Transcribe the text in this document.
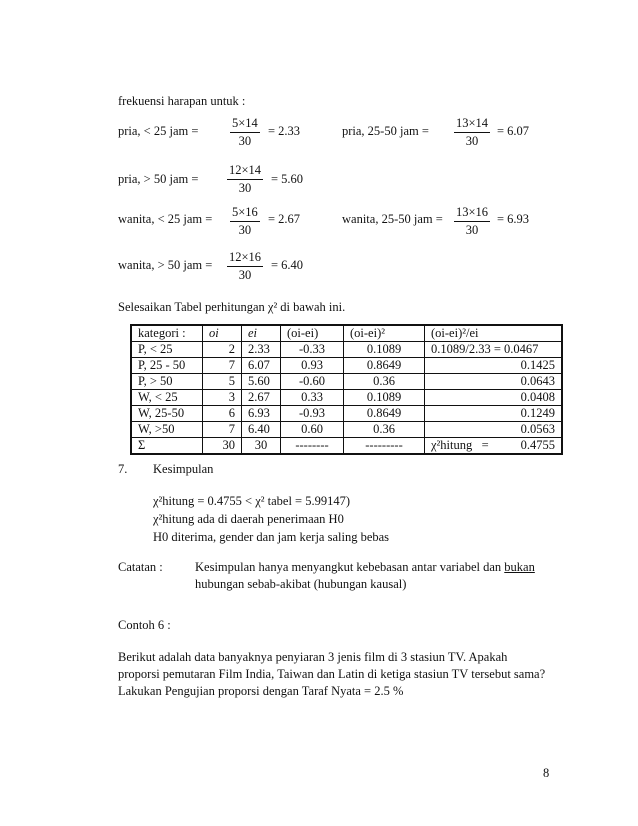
frekuensi harapan untuk :
pria, < 25 jam =
5×14
30
= 2.33	pria, 25-50 jam =
13×14
30
= 6.07
pria, > 50 jam =
12×14
30
= 5.60
wanita, < 25 jam = 5×16
30
= 2.67	wanita, 25-50 jam = 13×16
30
= 6.93
wanita, > 50 jam =
12×16
30
= 6.40
Selesaikan Tabel perhitungan χ² di bawah ini.
kategori :	oi	ei	(oi-ei)	(oi-ei)²	(oi-ei)²/ei
P, < 25	2	2.33	-0.33	0.1089	0.1089/2.33 = 0.0467
P, 25 - 50	7	6.07	0.93	0.8649	0.1425
P, > 50	5	5.60	-0.60	0.36	0.0643
W, < 25	3	2.67	0.33	0.1089	0.0408
W, 25-50	6	6.93	-0.93	0.8649	0.1249
W, >50	7	6.40	0.60	0.36	0.0563
Σ	30	30	--------	---------	χ²hitung = 0.4755
7. Kesimpulan
χ²hitung = 0.4755 < χ² tabel = 5.99147)
χ²hitung ada di daerah penerimaan H0
H0 diterima, gender dan jam kerja saling bebas
Catatan :	Kesimpulan hanya menyangkut kebebasan antar variabel dan bukan
hubungan sebab-akibat (hubungan kausal)
Contoh 6 :
Berikut adalah data banyaknya penyiaran 3 jenis film di 3 stasiun TV. Apakah
proporsi pemutaran Film India, Taiwan dan Latin di ketiga stasiun TV tersebut sama?
Lakukan Pengujian proporsi dengan Taraf Nyata = 2.5 %
8
